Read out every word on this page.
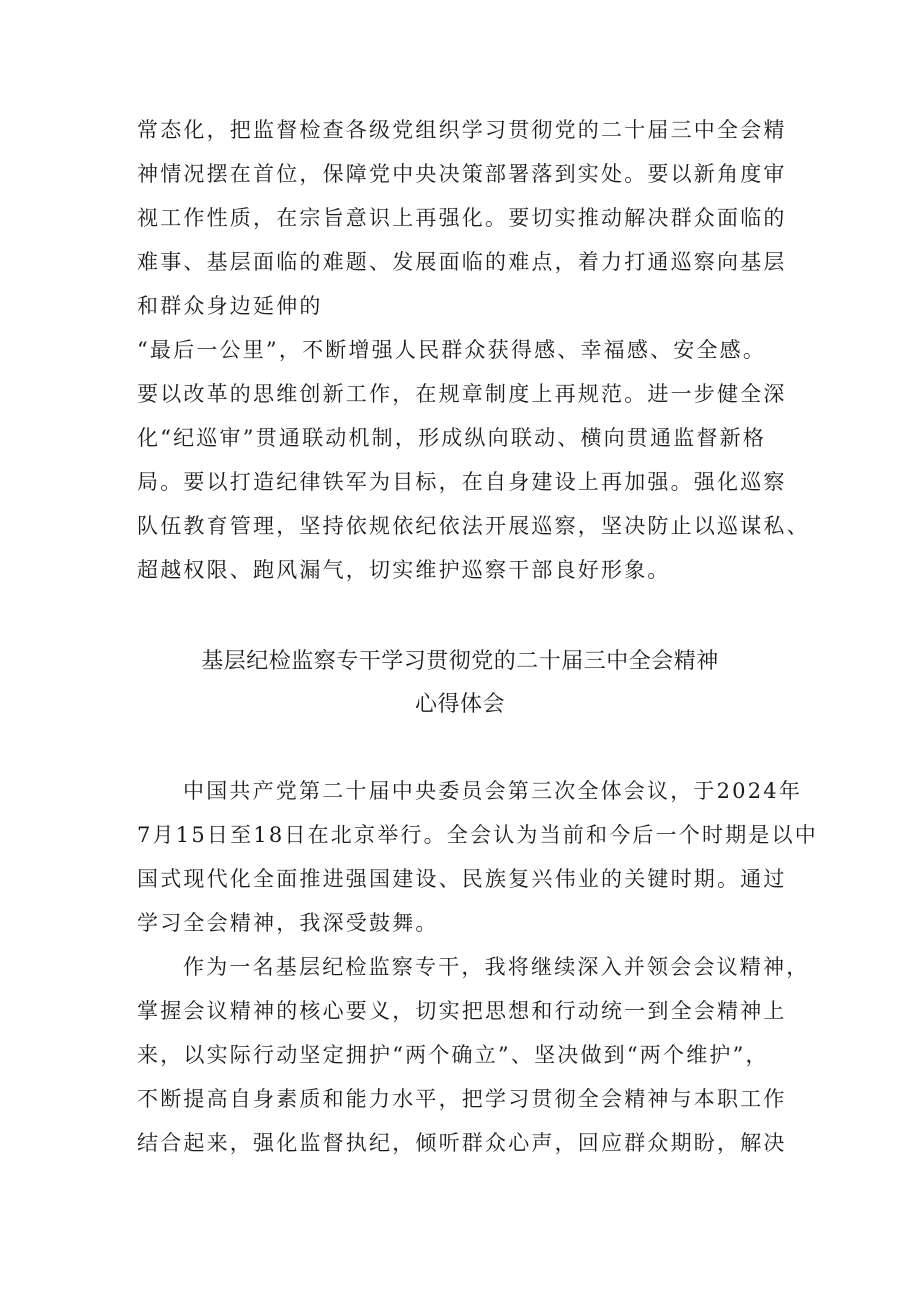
常态化，把监督检查各级党组织学习贯彻党的二十届三中全会精
神情况摆在首位，保障党中央决策部署落到实处。要以新角度审
视工作性质，在宗旨意识上再强化。要切实推动解决群众面临的
难事、基层面临的难题、发展面临的难点，着力打通巡察向基层
和群众身边延伸的
“最后一公里”，不断增强人民群众获得感、幸福感、安全感。
要以改革的思维创新工作，在规章制度上再规范。进一步健全深
化“纪巡审”贯通联动机制，形成纵向联动、横向贯通监督新格
局。要以打造纪律铁军为目标，在自身建设上再加强。强化巡察
队伍教育管理，坚持依规依纪依法开展巡察，坚决防止以巡谋私、
超越权限、跑风漏气，切实维护巡察干部良好形象。
基层纪检监察专干学习贯彻党的二十届三中全会精神
心得体会
中国共产党第二十届中央委员会第三次全体会议，于2024年
7月15日至18日在北京举行。全会认为当前和今后一个时期是以中
国式现代化全面推进强国建设、民族复兴伟业的关键时期。通过
学习全会精神，我深受鼓舞。
作为一名基层纪检监察专干，我将继续深入并领会会议精神，
掌握会议精神的核心要义，切实把思想和行动统一到全会精神上
来，以实际行动坚定拥护“两个确立”、坚决做到“两个维护”，
不断提高自身素质和能力水平，把学习贯彻全会精神与本职工作
结合起来，强化监督执纪，倾听群众心声，回应群众期盼，解决
